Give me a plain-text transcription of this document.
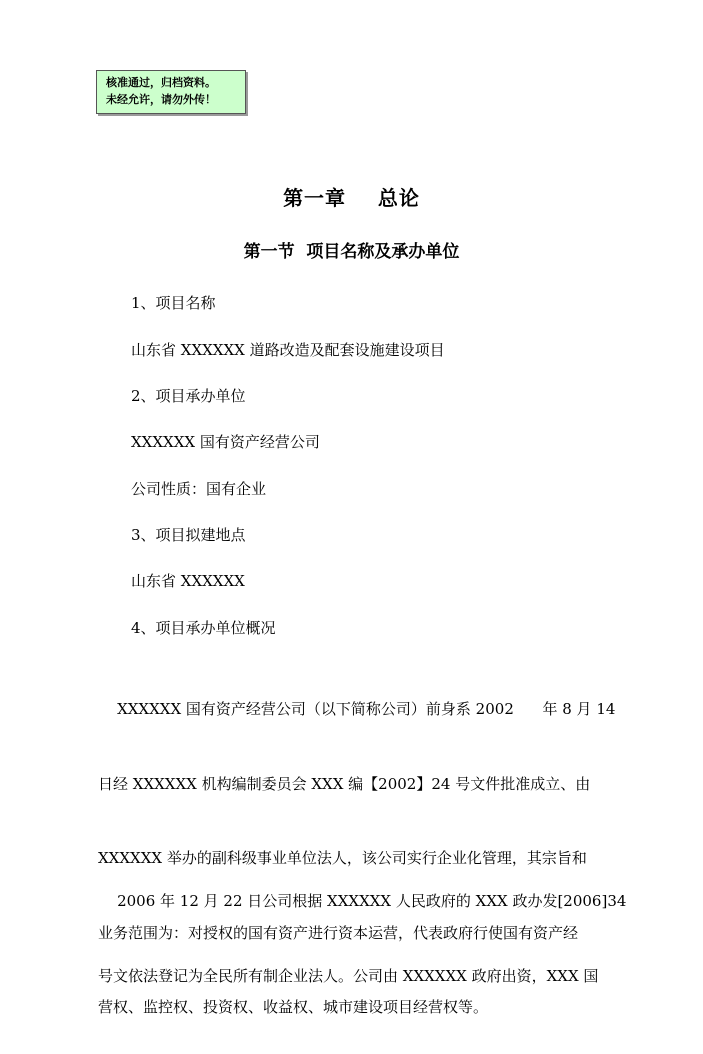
核准通过，归档资料。
未经允许，请勿外传！
第一章    总论
第一节  项目名称及承办单位
1、项目名称
山东省 XXXXXX 道路改造及配套设施建设项目
2、项目承办单位
XXXXXX 国有资产经营公司
公司性质：国有企业
3、项目拟建地点
山东省 XXXXXX
4、项目承办单位概况

XXXXXX 国有资产经营公司（以下简称公司）前身系 2002      年 8 月 14

日经 XXXXXX 机构编制委员会 XXX 编【2002】24 号文件批准成立、由

XXXXXX 举办的副科级事业单位法人，该公司实行企业化管理，其宗旨和

业务范围为：对授权的国有资产进行资本运营，代表政府行使国有资产经

营权、监控权、投资权、收益权、城市建设项目经营权等。

2006 年 12 月 22 日公司根据 XXXXXX 人民政府的 XXX 政办发[2006]34

号文依法登记为全民所有制企业法人。公司由 XXXXXX 政府出资，XXX 国
